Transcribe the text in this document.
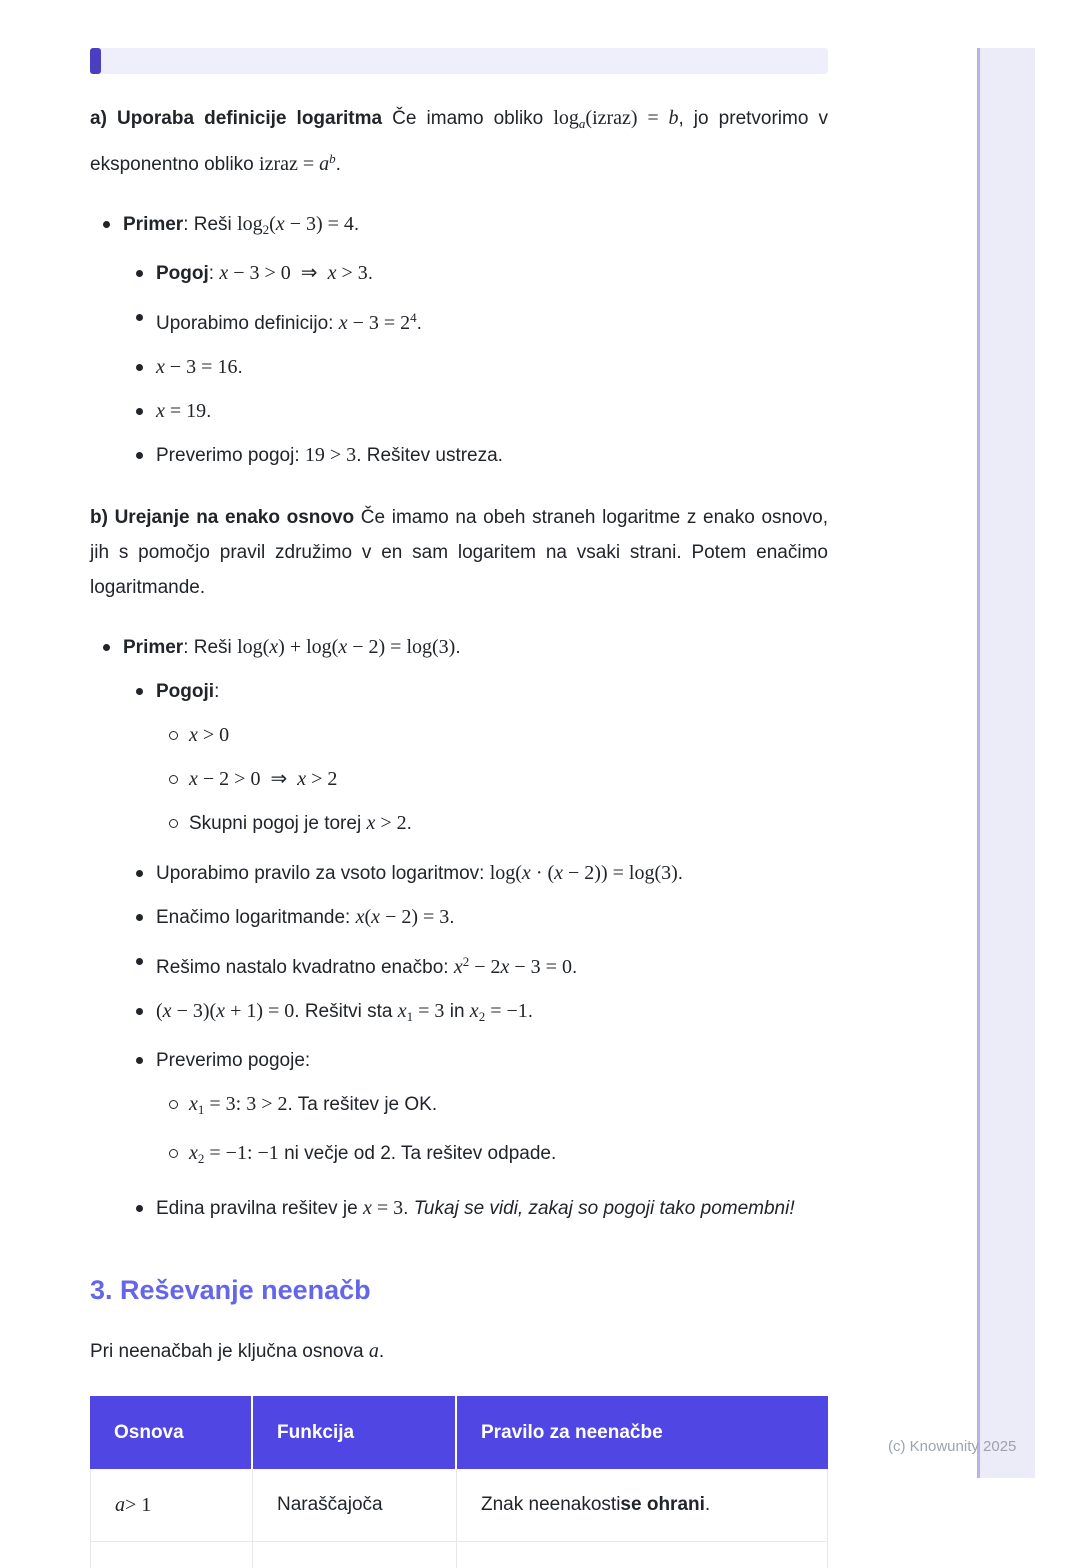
a) Uporaba definicije logaritma Če imamo obliko $\log_a(izraz) = b$, jo pretvorimo v eksponentno obliko izraz = $a^b$.

Primer: Reši $\log_2(x - 3) = 4$.
Pogoj: x − 3 > 0 ⇒ x > 3.
Uporabimo definicijo: $x - 3 = 2^4$.
x − 3 = 16.
x = 19.
Preverimo pogoj: 19 > 3. Rešitev ustreza.

b) Urejanje na enako osnovo Če imamo na obeh straneh logaritme z enako osnovo, jih s pomočjo pravil združimo v en sam logaritem na vsaki strani. Potem enačimo logaritmande.

Primer: Reši log(x) + log(x − 2) = log(3).
Pogoji:
x > 0
x − 2 > 0 ⇒ x > 2
Skupni pogoj je torej x > 2.
Uporabimo pravilo za vsoto logaritmov: log(x · (x − 2)) = log(3).
Enačimo logaritmande: x(x − 2) = 3.
Rešimo nastalo kvadratno enačbo: $x^2 - 2x - 3 = 0$.
(x − 3)(x + 1) = 0. Rešitvi sta $x_1 = 3$ in $x_2 = -1$.
Preverimo pogoje:
$x_1 = 3$: 3 > 2. Ta rešitev je OK.
$x_2 = -1$: −1 ni večje od 2. Ta rešitev odpade.
Edina pravilna rešitev je x = 3. Tukaj se vidi, zakaj so pogoji tako pomembni!
3. Reševanje neenačb

Pri neenačbah je ključna osnova a.

Osnova	Funkcija	Pravilo za neenačbe
a > 1	Naraščajoča	Znak neenakosti se ohrani .
(c) Knowunity 2025
